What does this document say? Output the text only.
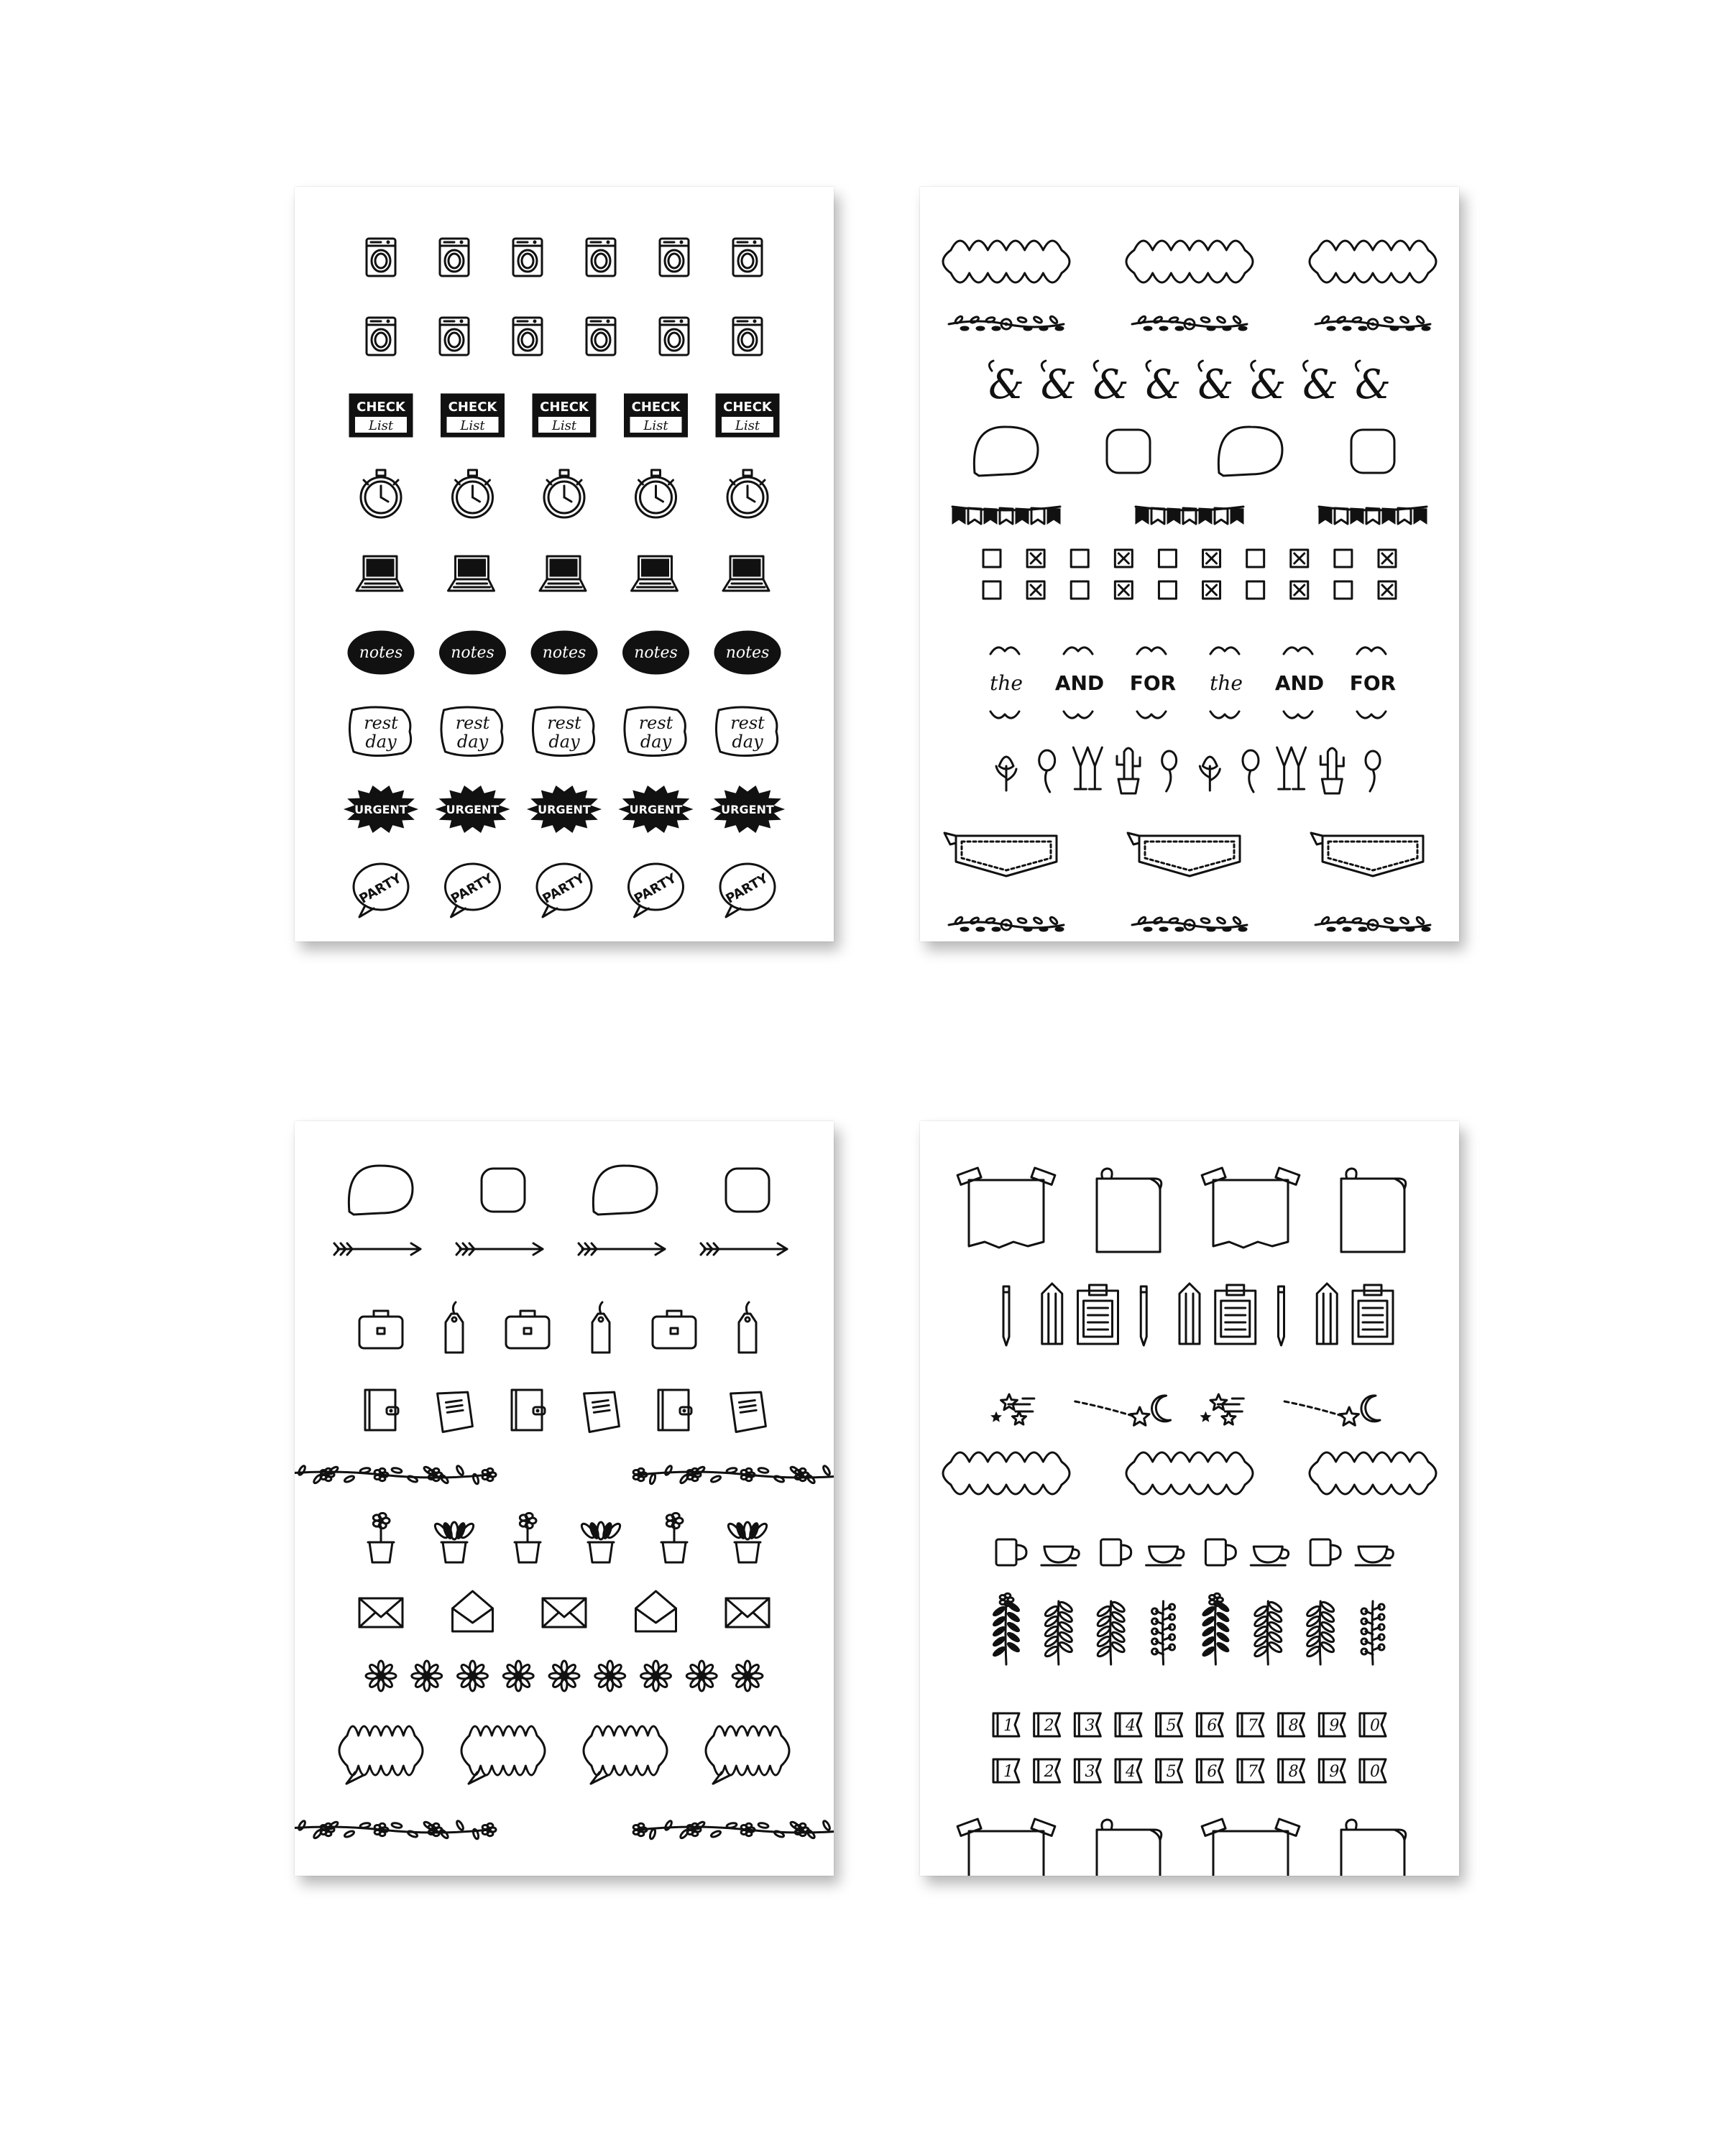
CHECK
List
CHECK
List
CHECK
List
CHECK
List
CHECK
List
notes	notes	notes	notes	notes
rest
day
rest
day
rest
day
rest
day
rest
day
URGENT	URGENT	URGENT	URGENT	URGENT
PARTY	PARTY	PARTY	PARTY	PARTY
& & & & & & & &
the AND FOR the AND FOR
1 2 3 4 5 6 7 8 9 0
1 2 3 4 5 6 7 8 9 0
